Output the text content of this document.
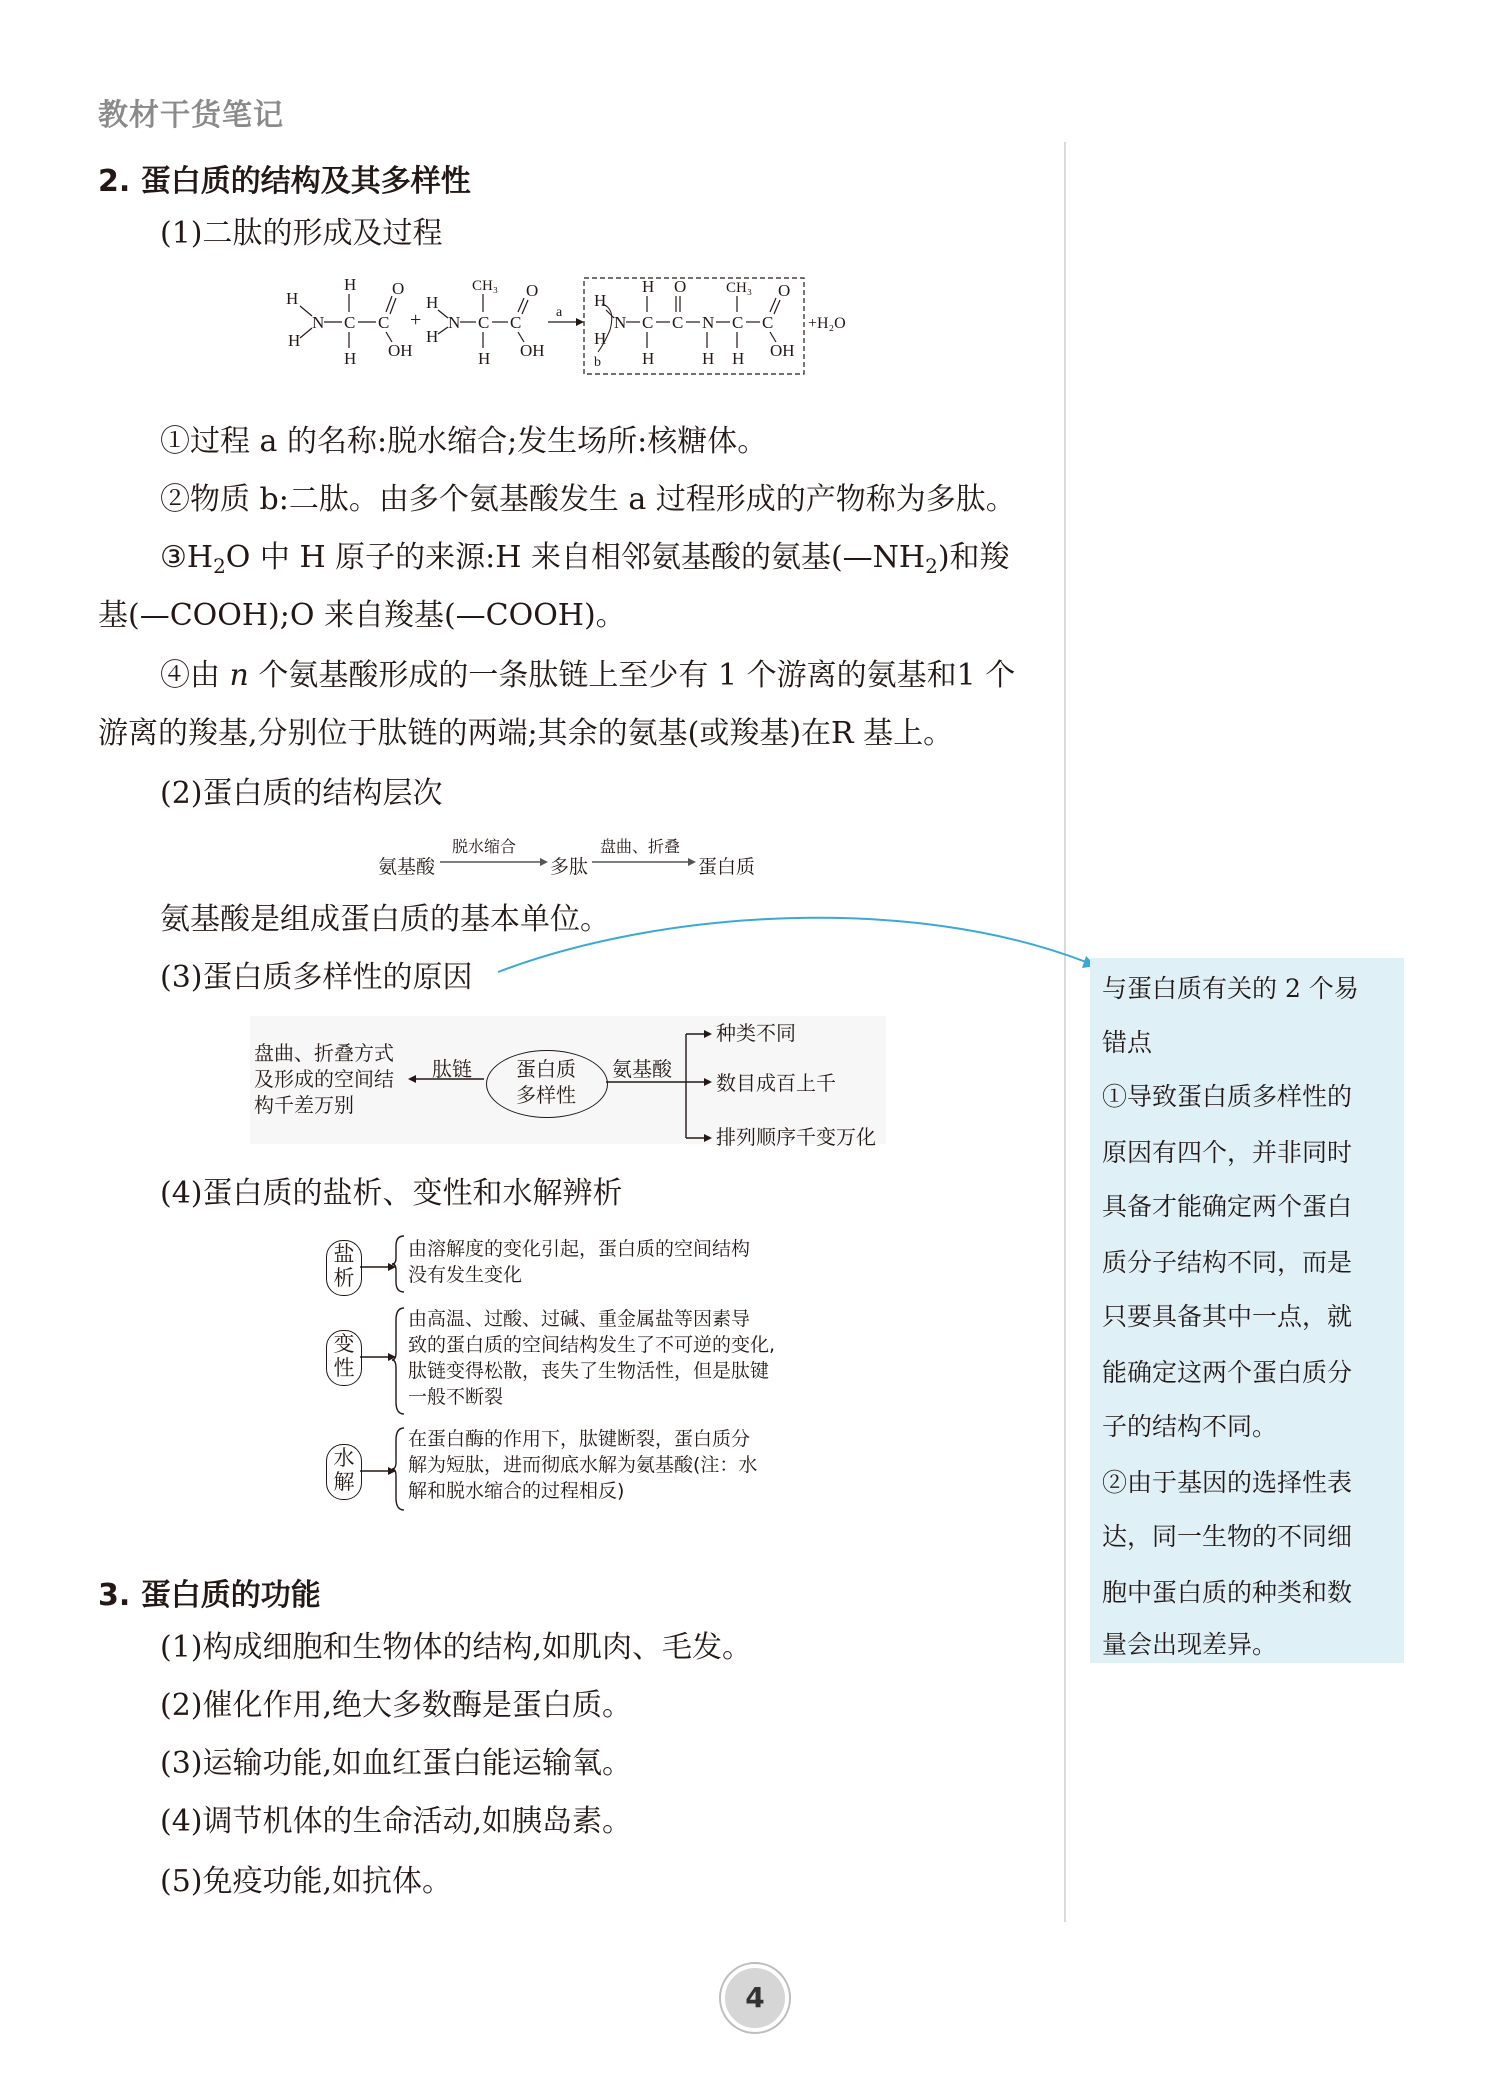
教材干货笔记
2. 蛋白质的结构及其多样性
(1)二肽的形成及过程
H
H
N C
H
H
C
O
OH
+
H
H
N C
CH₃
H
C
O
OH
a
H
H
b
N C
H
H
C
O
N
H
C
CH₃
H
C
O
OH
+H₂O
①过程 a 的名称:脱水缩合;发生场所:核糖体。
②物质 b:二肽。由多个氨基酸发生 a 过程形成的产物称为多肽。
$③H_2O$ 中 H 原子的来源:H 来自相邻氨基酸的氨基$(—NH_2)$和羧
基(—COOH);O 来自羧基(—COOH)。
④由 n 个氨基酸形成的一条肽链上至少有 1 个游离的氨基和1 个
游离的羧基,分别位于肽链的两端;其余的氨基(或羧基)在R 基上。
(2)蛋白质的结构层次
氨基酸
脱水缩合
多肽
盘曲、折叠
蛋白质
氨基酸是组成蛋白质的基本单位。
(3)蛋白质多样性的原因
盘曲、折叠方式
及形成的空间结
构千差万别
肽链 蛋白质
多样性
氨基酸
种类不同
数目成百上千
排列顺序千变万化
(4)蛋白质的盐析、变性和水解辨析
盐
析
由溶解度的变化引起，蛋白质的空间结构
没有发生变化
变
性
由高温、过酸、过碱、重金属盐等因素导
致的蛋白质的空间结构发生了不可逆的变化,
肽链变得松散，丧失了生物活性，但是肽键
一般不断裂
水
解
在蛋白酶的作用下，肽键断裂，蛋白质分
解为短肽，进而彻底水解为氨基酸(注：水
解和脱水缩合的过程相反)
3. 蛋白质的功能
(1)构成细胞和生物体的结构,如肌肉、毛发。
(2)催化作用,绝大多数酶是蛋白质。
(3)运输功能,如血红蛋白能运输氧。
(4)调节机体的生命活动,如胰岛素。
(5)免疫功能,如抗体。
与蛋白质有关的 2 个易
错点
①导致蛋白质多样性的
原因有四个，并非同时
具备才能确定两个蛋白
质分子结构不同，而是
只要具备其中一点，就
能确定这两个蛋白质分
子的结构不同。
②由于基因的选择性表
达，同一生物的不同细
胞中蛋白质的种类和数
量会出现差异。
4
